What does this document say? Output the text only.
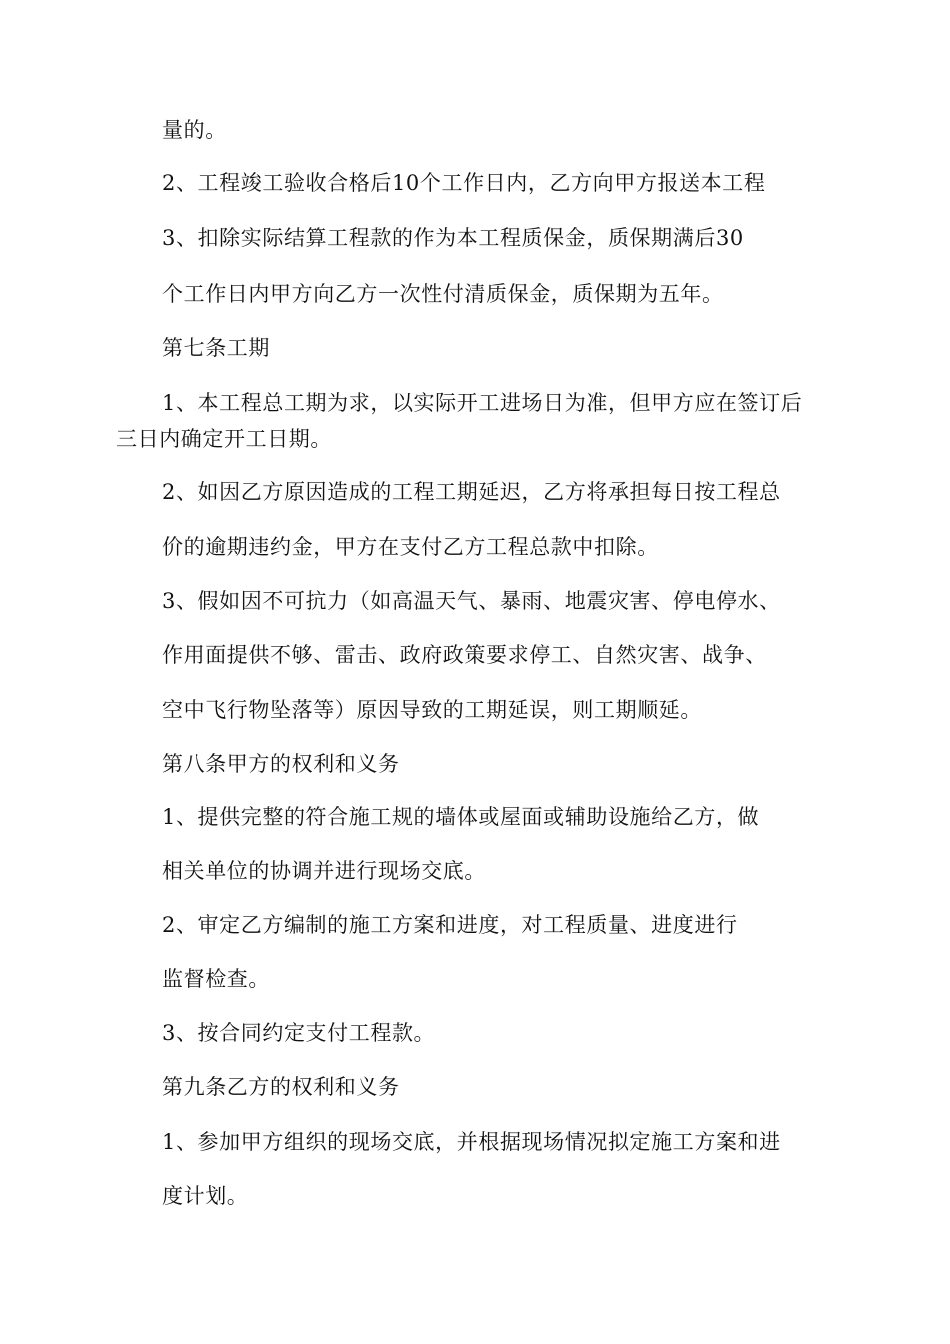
量的。
2、工程竣工验收合格后10个工作日内，乙方向甲方报送本工程
3、扣除实际结算工程款的作为本工程质保金，质保期满后30
个工作日内甲方向乙方一次性付清质保金，质保期为五年。
第七条工期
1、本工程总工期为求，以实际开工进场日为准，但甲方应在签订后
三日内确定开工日期。
2、如因乙方原因造成的工程工期延迟，乙方将承担每日按工程总
价的逾期违约金，甲方在支付乙方工程总款中扣除。
3、假如因不可抗力（如高温天气、暴雨、地震灾害、停电停水、
作用面提供不够、雷击、政府政策要求停工、自然灾害、战争、
空中飞行物坠落等）原因导致的工期延误，则工期顺延。
第八条甲方的权利和义务
1、提供完整的符合施工规的墙体或屋面或辅助设施给乙方，做
相关单位的协调并进行现场交底。
2、审定乙方编制的施工方案和进度，对工程质量、进度进行
监督检查。
3、按合同约定支付工程款。
第九条乙方的权利和义务
1、参加甲方组织的现场交底，并根据现场情况拟定施工方案和进
度计划。
